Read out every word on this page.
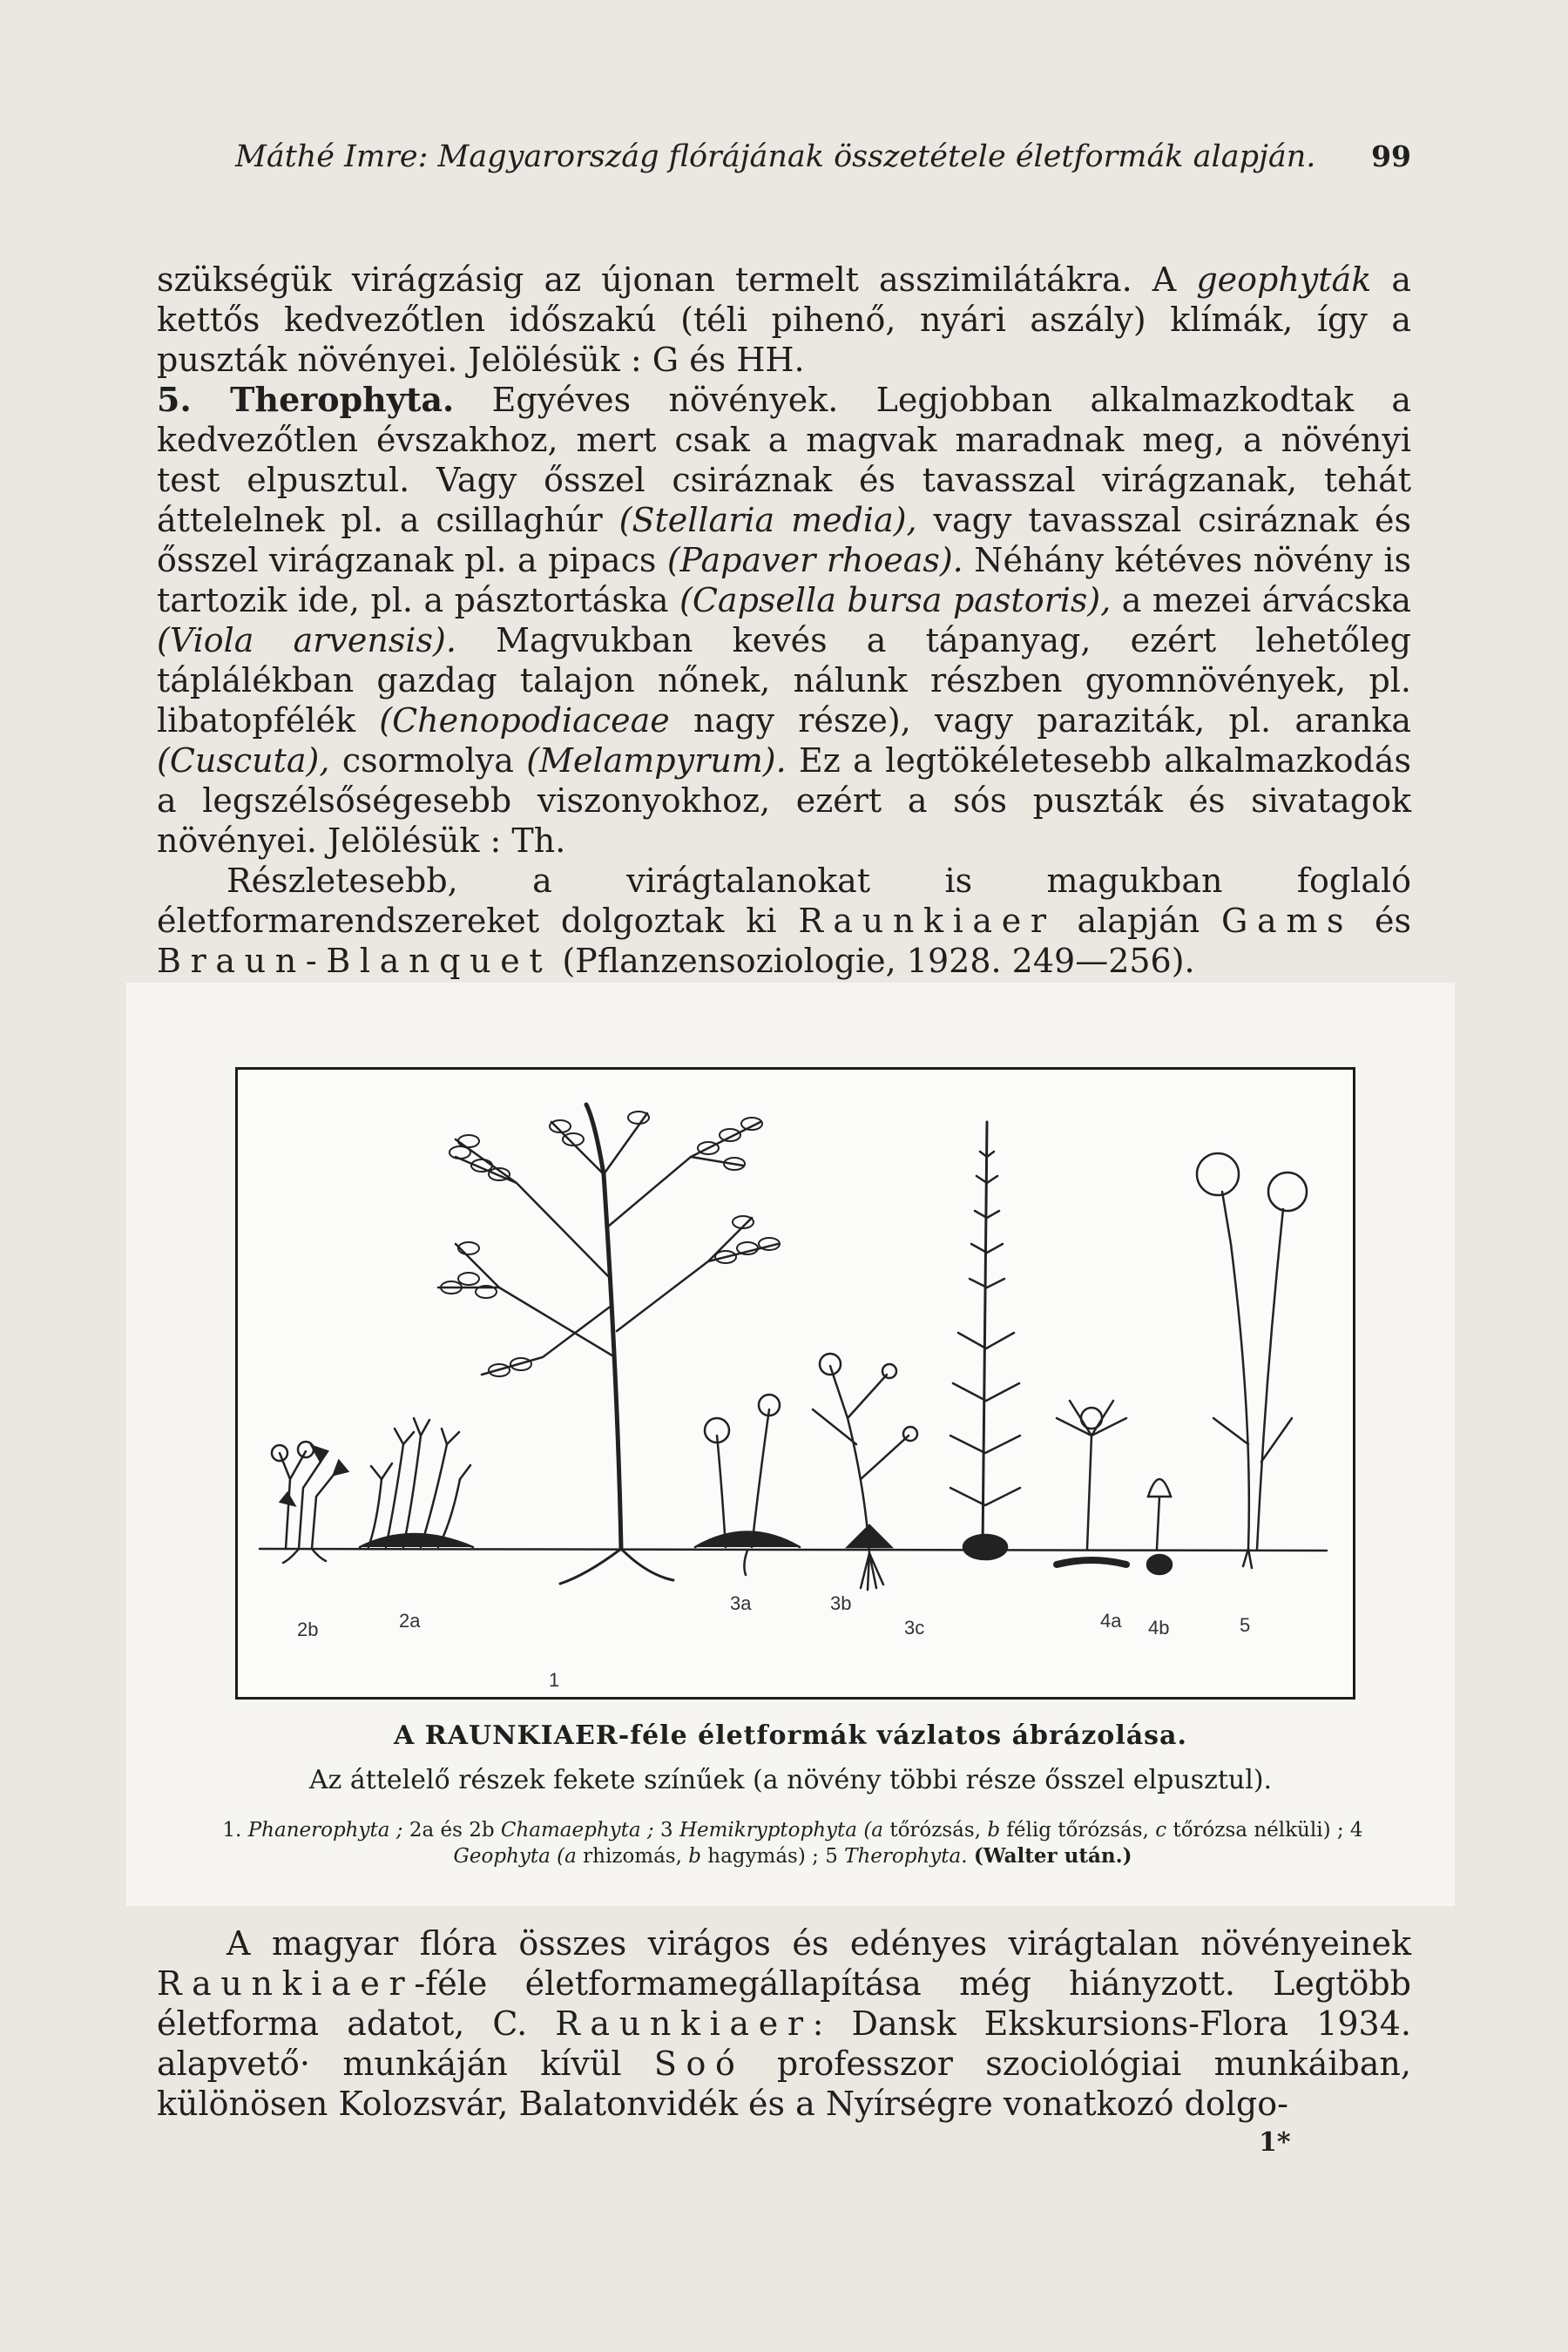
Máthé Imre: Magyarország flórájának összetétele életformák alapján. 99

szükségük virágzásig az újonan termelt asszimilátákra. A geophyták a kettős kedvezőtlen időszakú (téli pihenő, nyári aszály) klímák, így a puszták növényei. Jelölésük : G és HH.

5. Therophyta. Egyéves növények. Legjobban alkalmazkodtak a kedvezőtlen évszakhoz, mert csak a magvak maradnak meg, a növényi test elpusztul. Vagy ősszel csiráznak és tavasszal virágzanak, tehát áttelelnek pl. a csillaghúr (Stellaria media), vagy tavasszal csiráznak és ősszel virágzanak pl. a pipacs (Papaver rhoeas). Néhány kétéves növény is tartozik ide, pl. a pásztortáska (Capsella bursa pastoris), a mezei árvácska (Viola arvensis). Magvukban kevés a tápanyag, ezért lehetőleg táplálékban gazdag talajon nőnek, nálunk részben gyomnövények, pl. libatopfélék (Chenopodiaceae nagy része), vagy paraziták, pl. aranka (Cuscuta), csormolya (Melampyrum). Ez a legtökéletesebb alkalmazkodás a legszélsőségesebb viszonyokhoz, ezért a sós puszták és sivatagok növényei. Jelölésük : Th.

Részletesebb, a virágtalanokat is magukban foglaló életformarendszereket dolgoztak ki Raunkiaer alapján Gams és Braun-Blanquet (Pflanzensoziologie, 1928. 249—256).

2b	2a
1
3a	3b
3c	4a 4b	5
A RAUNKIAER-féle életformák vázlatos ábrázolása.
Az áttelelő részek fekete színűek (a növény többi része ősszel elpusztul).
1. Phanerophyta ; 2a és 2b Chamaephyta ; 3 Hemikryptophyta (a tőrózsás, b félig tőrózsás, c tőrózsa nélküli) ; 4 Geophyta (a rhizomás, b hagymás) ; 5 Therophyta. (Walter után.)

A magyar flóra összes virágos és edényes virágtalan növényeinek Raunkiaer-féle életformamegállapítása még hiányzott. Legtöbb életforma adatot, C. Raunkiaer: Dansk Ekskursions-Flora 1934. alapvető· munkáján kívül Soó professzor szociológiai munkáiban, különösen Kolozsvár, Balatonvidék és a Nyírségre vonatkozó dolgo-

1*
